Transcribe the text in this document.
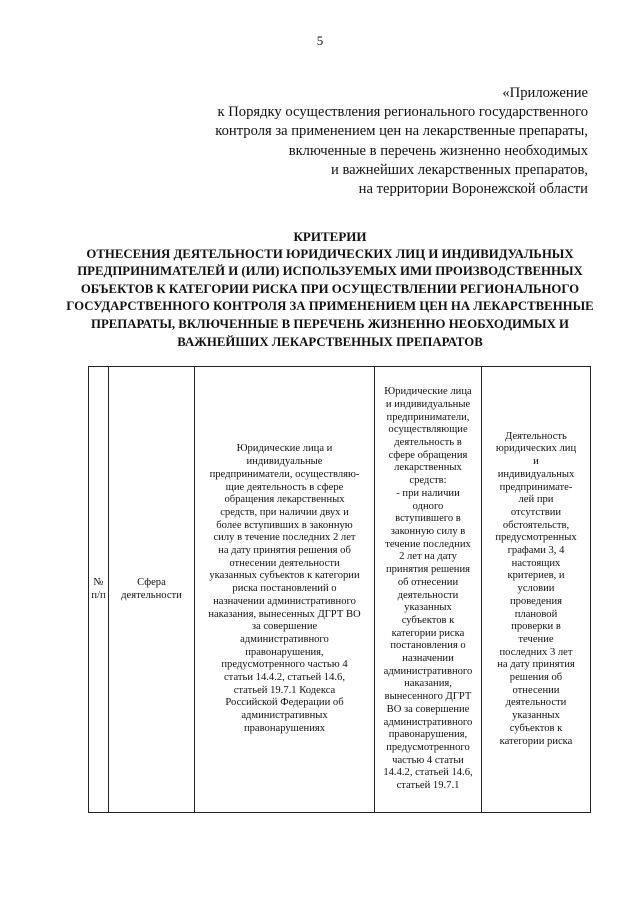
5
«Приложение
к Порядку осуществления регионального государственного
контроля за применением цен на лекарственные препараты,
включенные в перечень жизненно необходимых
и важнейших лекарственных препаратов,
на территории Воронежской области
КРИТЕРИИ
ОТНЕСЕНИЯ ДЕЯТЕЛЬНОСТИ ЮРИДИЧЕСКИХ ЛИЦ И ИНДИВИДУАЛЬНЫХ
ПРЕДПРИНИМАТЕЛЕЙ И (ИЛИ) ИСПОЛЬЗУЕМЫХ ИМИ ПРОИЗВОДСТВЕННЫХ
ОБЪЕКТОВ К КАТЕГОРИИ РИСКА ПРИ ОСУЩЕСТВЛЕНИИ РЕГИОНАЛЬНОГО
ГОСУДАРСТВЕННОГО КОНТРОЛЯ ЗА ПРИМЕНЕНИЕМ ЦЕН НА ЛЕКАРСТВЕННЫЕ
ПРЕПАРАТЫ, ВКЛЮЧЕННЫЕ В ПЕРЕЧЕНЬ ЖИЗНЕННО НЕОБХОДИМЫХ И
ВАЖНЕЙШИХ ЛЕКАРСТВЕННЫХ ПРЕПАРАТОВ
№
п/п

Сфера
деятельности

Юридические лица и
индивидуальные
предприниматели, осуществляю-
щие деятельность в сфере
обращения лекарственных
средств, при наличии двух и
более вступивших в законную
силу в течение последних 2 лет
на дату принятия решения об
отнесении деятельности
указанных субъектов к категории
риска постановлений о
назначении административного
наказания, вынесенных ДГРТ ВО
за совершение
административного
правонарушения,
предусмотренного частью 4
статьи 14.4.2, статьей 14.6,
статьей 19.7.1 Кодекса
Российской Федерации об
административных
правонарушениях

Юридические лица
и индивидуальные
предприниматели,
осуществляющие
деятельность в
сфере обращения
лекарственных
средств:
- при наличии
одного
вступившего в
законную силу в
течение последних
2 лет на дату
принятия решения
об отнесении
деятельности
указанных
субъектов к
категории риска
постановления о
назначении
административного
наказания,
вынесенного ДГРТ
ВО за совершение
административного
правонарушения,
предусмотренного
частью 4 статьи
14.4.2, статьей 14.6,
статьей 19.7.1

Деятельность
юридических лиц
и
индивидуальных
предпринимате-
лей при
отсутствии
обстоятельств,
предусмотренных
графами 3, 4
настоящих
критериев, и
условии
проведения
плановой
проверки в
течение
последних 3 лет
на дату принятия
решения об
отнесении
деятельности
указанных
субъектов к
категории риска
